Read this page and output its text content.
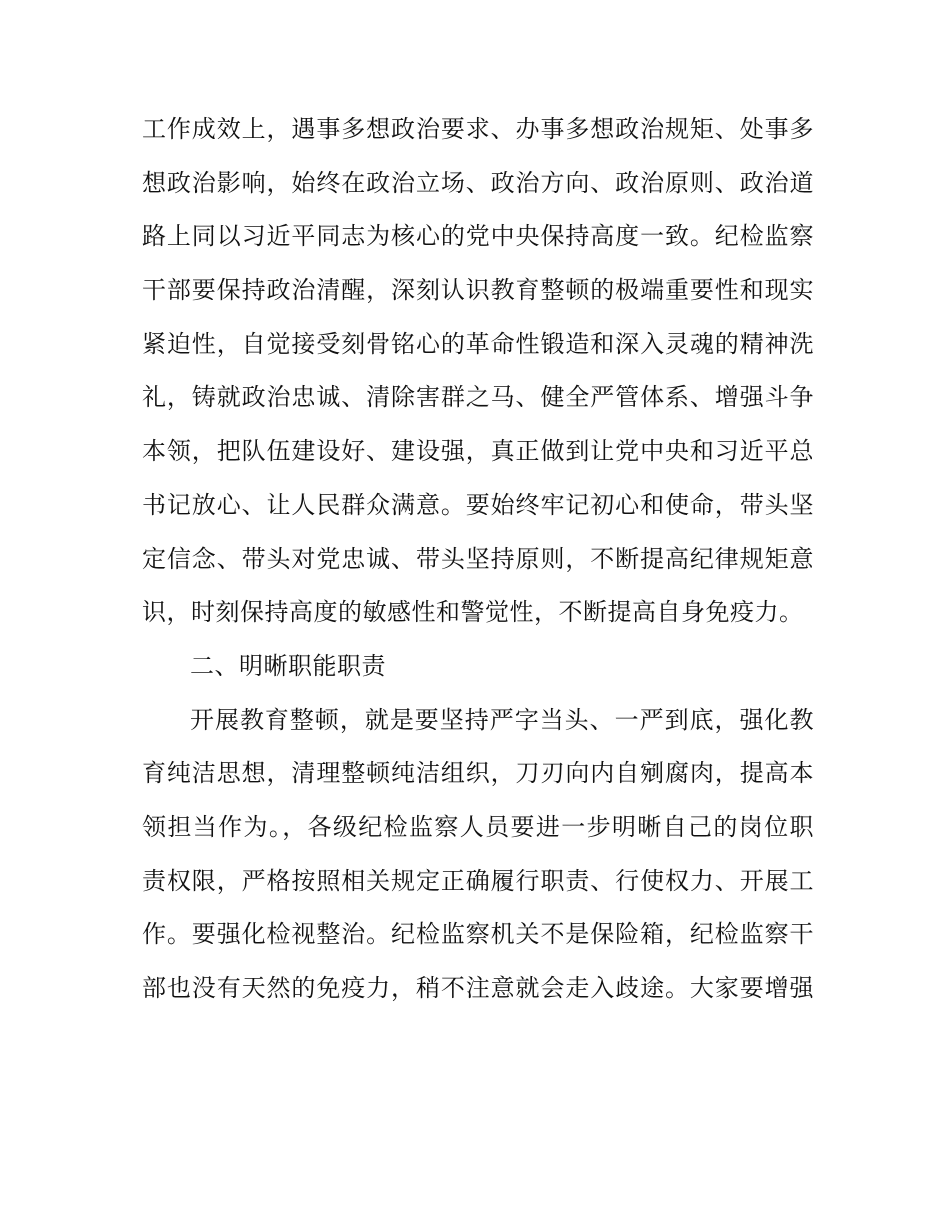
工作成效上，遇事多想政治要求、办事多想政治规矩、处事多
想政治影响，始终在政治立场、政治方向、政治原则、政治道
路上同以习近平同志为核心的党中央保持高度一致。纪检监察
干部要保持政治清醒，深刻认识教育整顿的极端重要性和现实
紧迫性，自觉接受刻骨铭心的革命性锻造和深入灵魂的精神洗
礼，铸就政治忠诚、清除害群之马、健全严管体系、增强斗争
本领，把队伍建设好、建设强，真正做到让党中央和习近平总
书记放心、让人民群众满意。要始终牢记初心和使命，带头坚
定信念、带头对党忠诚、带头坚持原则，不断提高纪律规矩意
识，时刻保持高度的敏感性和警觉性，不断提高自身免疫力。
二、明晰职能职责
开展教育整顿，就是要坚持严字当头、一严到底，强化教
育纯洁思想，清理整顿纯洁组织，刀刃向内自剜腐肉，提高本
领担当作为。，各级纪检监察人员要进一步明晰自己的岗位职
责权限，严格按照相关规定正确履行职责、行使权力、开展工
作。要强化检视整治。纪检监察机关不是保险箱，纪检监察干
部也没有天然的免疫力，稍不注意就会走入歧途。大家要增强
